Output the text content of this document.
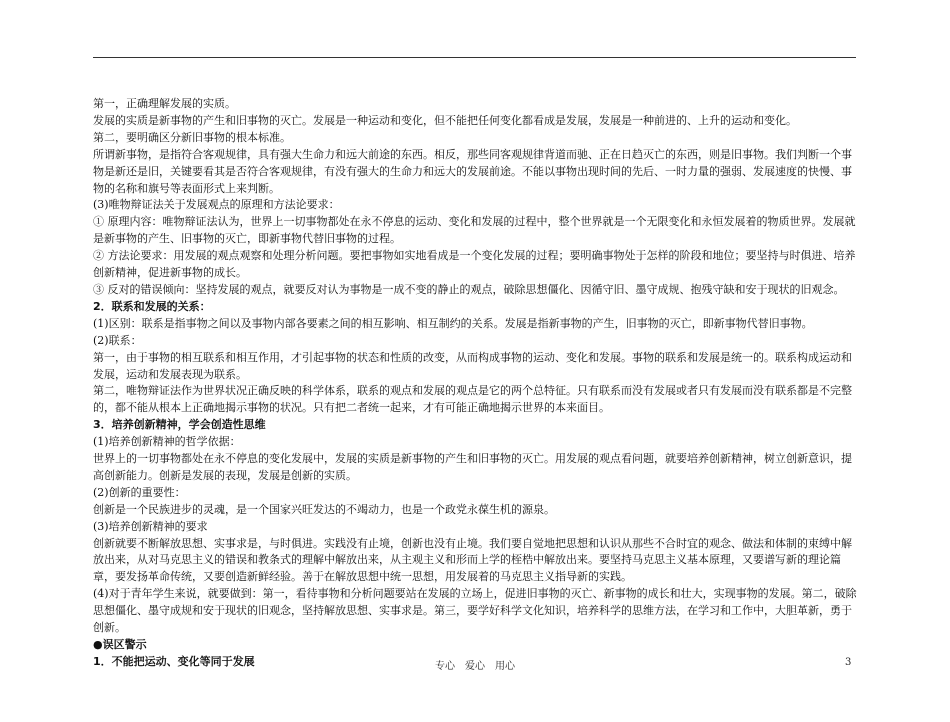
第一，正确理解发展的实质。

发展的实质是新事物的产生和旧事物的灭亡。发展是一种运动和变化，但不能把任何变化都看成是发展，发展是一种前进的、上升的运动和变化。

第二，要明确区分新旧事物的根本标准。

所谓新事物，是指符合客观规律，具有强大生命力和远大前途的东西。相反，那些同客观规律背道而驰、正在日趋灭亡的东西，则是旧事物。我们判断一个事物是新还是旧，关键要看其是否符合客观规律，有没有强大的生命力和远大的发展前途。不能以事物出现时间的先后、一时力量的强弱、发展速度的快慢、事物的名称和旗号等表面形式上来判断。

(3)唯物辩证法关于发展观点的原理和方法论要求：

① 原理内容：唯物辩证法认为，世界上一切事物都处在永不停息的运动、变化和发展的过程中，整个世界就是一个无限变化和永恒发展着的物质世界。发展就是新事物的产生、旧事物的灭亡，即新事物代替旧事物的过程。

② 方法论要求：用发展的观点观察和处理分析问题。要把事物如实地看成是一个变化发展的过程；要明确事物处于怎样的阶段和地位；要坚持与时俱进、培养创新精神，促进新事物的成长。

③ 反对的错误倾向：坚持发展的观点，就要反对认为事物是一成不变的静止的观点，破除思想僵化、因循守旧、墨守成规、抱残守缺和安于现状的旧观念。

2．联系和发展的关系：

(1)区别：联系是指事物之间以及事物内部各要素之间的相互影响、相互制约的关系。发展是指新事物的产生，旧事物的灭亡，即新事物代替旧事物。

(2)联系：

第一，由于事物的相互联系和相互作用，才引起事物的状态和性质的改变，从而构成事物的运动、变化和发展。事物的联系和发展是统一的。联系构成运动和发展，运动和发展表现为联系。

第二，唯物辩证法作为世界状况正确反映的科学体系，联系的观点和发展的观点是它的两个总特征。只有联系而没有发展或者只有发展而没有联系都是不完整的，都不能从根本上正确地揭示事物的状况。只有把二者统一起来，才有可能正确地揭示世界的本来面目。

3．培养创新精神，学会创造性思维

(1)培养创新精神的哲学依据：

世界上的一切事物都处在永不停息的变化发展中，发展的实质是新事物的产生和旧事物的灭亡。用发展的观点看问题，就要培养创新精神，树立创新意识，提高创新能力。创新是发展的表现，发展是创新的实质。

(2)创新的重要性：

创新是一个民族进步的灵魂，是一个国家兴旺发达的不竭动力，也是一个政党永葆生机的源泉。

(3)培养创新精神的要求

创新就要不断解放思想、实事求是，与时俱进。实践没有止境，创新也没有止境。我们要自觉地把思想和认识从那些不合时宜的观念、做法和体制的束缚中解放出来，从对马克思主义的错误和教条式的理解中解放出来，从主观主义和形而上学的桎梏中解放出来。要坚持马克思主义基本原理，又要谱写新的理论篇章，要发扬革命传统，又要创造新鲜经验。善于在解放思想中统一思想，用发展着的马克思主义指导新的实践。

(4)对于青年学生来说，就要做到：第一，看待事物和分析问题要站在发展的立场上，促进旧事物的灭亡、新事物的成长和壮大，实现事物的发展。第二，破除思想僵化、墨守成规和安于现状的旧观念，坚持解放思想、实事求是。第三，要学好科学文化知识，培养科学的思维方法，在学习和工作中，大胆革新，勇于创新。

●误区警示

1．不能把运动、变化等同于发展	专心　爱心　用心	3
